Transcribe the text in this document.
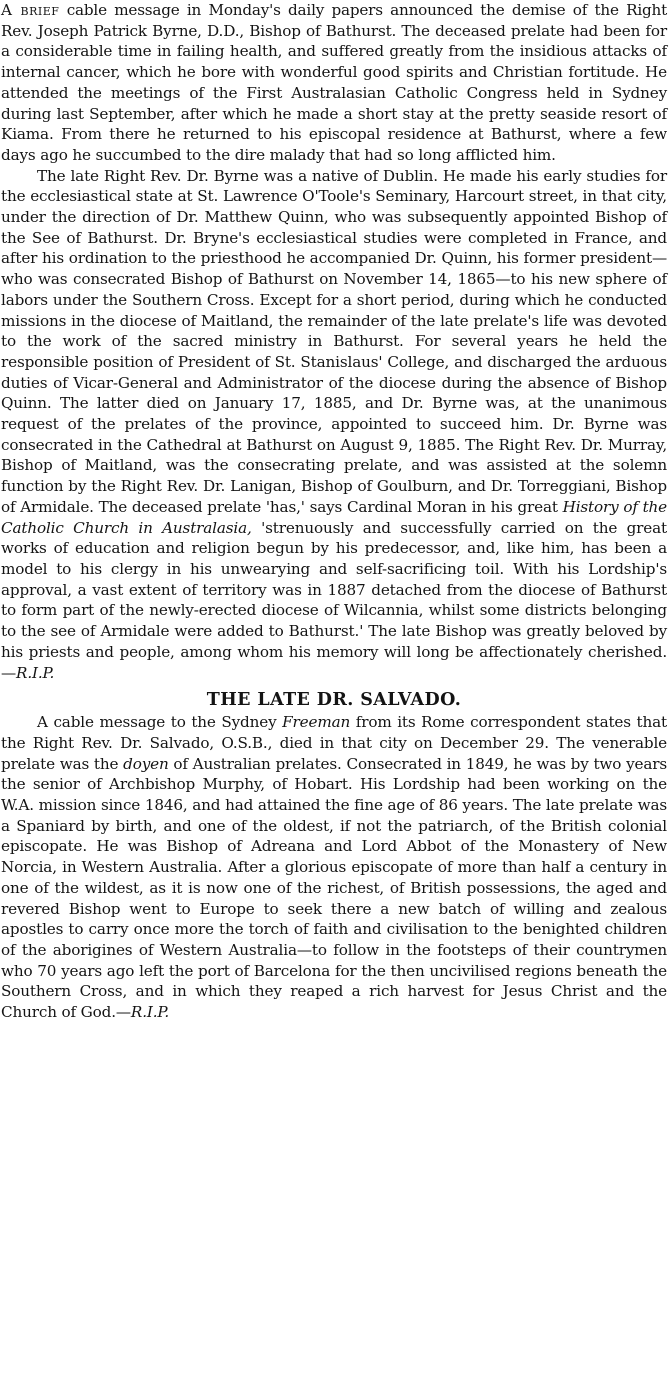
A brief cable message in Monday's daily papers announced the demise of the Right Rev. Joseph Patrick Byrne, D.D., Bishop of Bathurst. The deceased prelate had been for a considerable time in failing health, and suffered greatly from the insidious attacks of internal cancer, which he bore with wonderful good spirits and Christian fortitude. He attended the meetings of the First Australasian Catholic Congress held in Sydney during last September, after which he made a short stay at the pretty seaside resort of Kiama. From there he returned to his episcopal residence at Bathurst, where a few days ago he succumbed to the dire malady that had so long afflicted him.

The late Right Rev. Dr. Byrne was a native of Dublin. He made his early studies for the ecclesiastical state at St. Lawrence O'Toole's Seminary, Harcourt street, in that city, under the direction of Dr. Matthew Quinn, who was subsequently appointed Bishop of the See of Bathurst. Dr. Bryne's ecclesiastical studies were completed in France, and after his ordination to the priesthood he accompanied Dr. Quinn, his former president—who was consecrated Bishop of Bathurst on November 14, 1865—to his new sphere of labors under the Southern Cross. Except for a short period, during which he conducted missions in the diocese of Maitland, the remainder of the late prelate's life was devoted to the work of the sacred ministry in Bathurst. For several years he held the responsible position of President of St. Stanislaus' College, and discharged the arduous duties of Vicar-General and Administrator of the diocese during the absence of Bishop Quinn. The latter died on January 17, 1885, and Dr. Byrne was, at the unanimous request of the prelates of the province, appointed to succeed him. Dr. Byrne was consecrated in the Cathedral at Bathurst on August 9, 1885. The Right Rev. Dr. Murray, Bishop of Maitland, was the consecrating prelate, and was assisted at the solemn function by the Right Rev. Dr. Lanigan, Bishop of Goulburn, and Dr. Torreggiani, Bishop of Armidale. The deceased prelate 'has,' says Cardinal Moran in his great History of the Catholic Church in Australasia, 'strenuously and successfully carried on the great works of education and religion begun by his predecessor, and, like him, has been a model to his clergy in his unwearying and self-sacrificing toil. With his Lordship's approval, a vast extent of territory was in 1887 detached from the diocese of Bathurst to form part of the newly-erected diocese of Wilcannia, whilst some districts belonging to the see of Armidale were added to Bathurst.' The late Bishop was greatly beloved by his priests and people, among whom his memory will long be affectionately cherished.—R.I.P.

THE LATE DR. SALVADO.

A cable message to the Sydney Freeman from its Rome correspondent states that the Right Rev. Dr. Salvado, O.S.B., died in that city on December 29. The venerable prelate was the doyen of Australian prelates. Consecrated in 1849, he was by two years the senior of Archbishop Murphy, of Hobart. His Lordship had been working on the W.A. mission since 1846, and had attained the fine age of 86 years. The late prelate was a Spaniard by birth, and one of the oldest, if not the patriarch, of the British colonial episcopate. He was Bishop of Adreana and Lord Abbot of the Monastery of New Norcia, in Western Australia. After a glorious episcopate of more than half a century in one of the wildest, as it is now one of the richest, of British possessions, the aged and revered Bishop went to Europe to seek there a new batch of willing and zealous apostles to carry once more the torch of faith and civilisation to the benighted children of the aborigines of Western Australia—to follow in the footsteps of their countrymen who 70 years ago left the port of Barcelona for the then uncivilised regions beneath the Southern Cross, and in which they reaped a rich harvest for Jesus Christ and the Church of God.—R.I.P.
